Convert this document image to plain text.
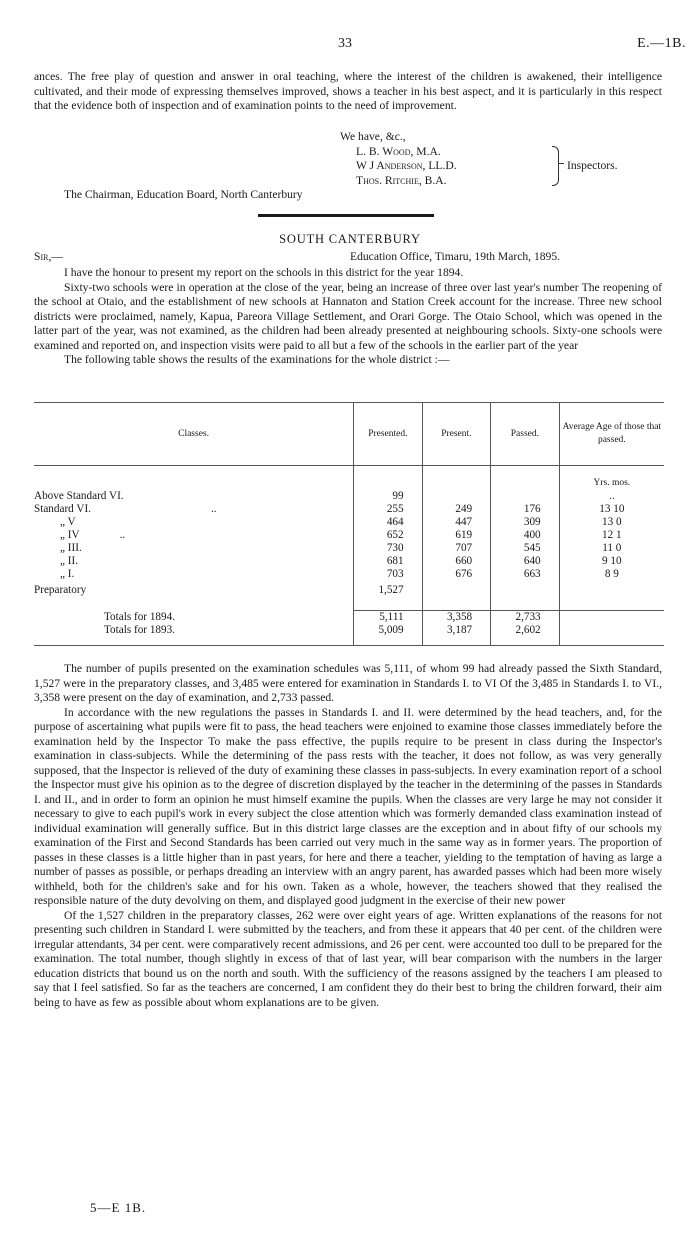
33	E.—1B.

ances. The free play of question and answer in oral teaching, where the interest of the children is awakened, their intelligence cultivated, and their mode of expressing themselves improved, shows a teacher in his best aspect, and it is particularly in this respect that the evidence both of inspection and of examination points to the need of improvement.

We have, &c.,
L. B. Wood, M.A.
W J Anderson, LL.D.
Thos. Ritchie, B.A.
Inspectors.
The Chairman, Education Board, North Canterbury
SOUTH CANTERBURY
Sir,—	Education Office, Timaru, 19th March, 1895.

I have the honour to present my report on the schools in this district for the year 1894.

Sixty-two schools were in operation at the close of the year, being an increase of three over last year's number The reopening of the school at Otaio, and the establishment of new schools at Hannaton and Station Creek account for the increase. Three new school districts were proclaimed, namely, Kapua, Pareora Village Settlement, and Orari Gorge. The Otaio School, which was opened in the latter part of the year, was not examined, as the children had been already presented at neighbouring schools. Sixty-one schools were examined and reported on, and inspection visits were paid to all but a few of the schools in the earlier part of the year

The following table shows the results of the examinations for the whole district :—

Classes.	Presented.	Present.	Passed.	Average Age of those that passed.
				Yrs. mos.
Above Standard VI.	99			..
Standard VI. ..	255	249	176	13 10
„ V	464	447	309	13 0
„ IV ..	652	619	400	12 1
„ III.	730	707	545	11 0
„ II.	681	660	640	9 10
„ I.	703	676	663	8 9
Preparatory	1,527			

Totals for 1894.	5,111	3,358	2,733	
Totals for 1893.	5,009	3,187	2,602	

The number of pupils presented on the examination schedules was 5,111, of whom 99 had already passed the Sixth Standard, 1,527 were in the preparatory classes, and 3,485 were entered for examination in Standards I. to VI Of the 3,485 in Standards I. to VI., 3,358 were present on the day of examination, and 2,733 passed.

In accordance with the new regulations the passes in Standards I. and II. were determined by the head teachers, and, for the purpose of ascertaining what pupils were fit to pass, the head teachers were enjoined to examine those classes immediately before the examination held by the Inspector To make the pass effective, the pupils require to be present in class during the Inspector's examination in class-subjects. While the determining of the pass rests with the teacher, it does not follow, as was very generally supposed, that the Inspector is relieved of the duty of examining these classes in pass-subjects. In every examination report of a school the Inspector must give his opinion as to the degree of discretion displayed by the teacher in the determining of the passes in Standards I. and II., and in order to form an opinion he must himself examine the pupils. When the classes are very large he may not consider it necessary to give to each pupil's work in every subject the close attention which was formerly demanded class examination instead of individual examination will generally suffice. But in this district large classes are the exception and in about fifty of our schools my examination of the First and Second Standards has been carried out very much in the same way as in former years. The proportion of passes in these classes is a little higher than in past years, for here and there a teacher, yielding to the temptation of having as large a number of passes as possible, or perhaps dreading an interview with an angry parent, has awarded passes which had been more wisely withheld, both for the children's sake and for his own. Taken as a whole, however, the teachers showed that they realised the responsible nature of the duty devolving on them, and displayed good judgment in the exercise of their new power

Of the 1,527 children in the preparatory classes, 262 were over eight years of age. Written explanations of the reasons for not presenting such children in Standard I. were submitted by the teachers, and from these it appears that 40 per cent. of the children were irregular attendants, 34 per cent. were comparatively recent admissions, and 26 per cent. were accounted too dull to be prepared for the examination. The total number, though slightly in excess of that of last year, will bear comparison with the numbers in the larger education districts that bound us on the north and south. With the sufficiency of the reasons assigned by the teachers I am pleased to say that I feel satisfied. So far as the teachers are concerned, I am confident they do their best to bring the children forward, their aim being to have as few as possible about whom explanations are to be given.

5—E 1B.
